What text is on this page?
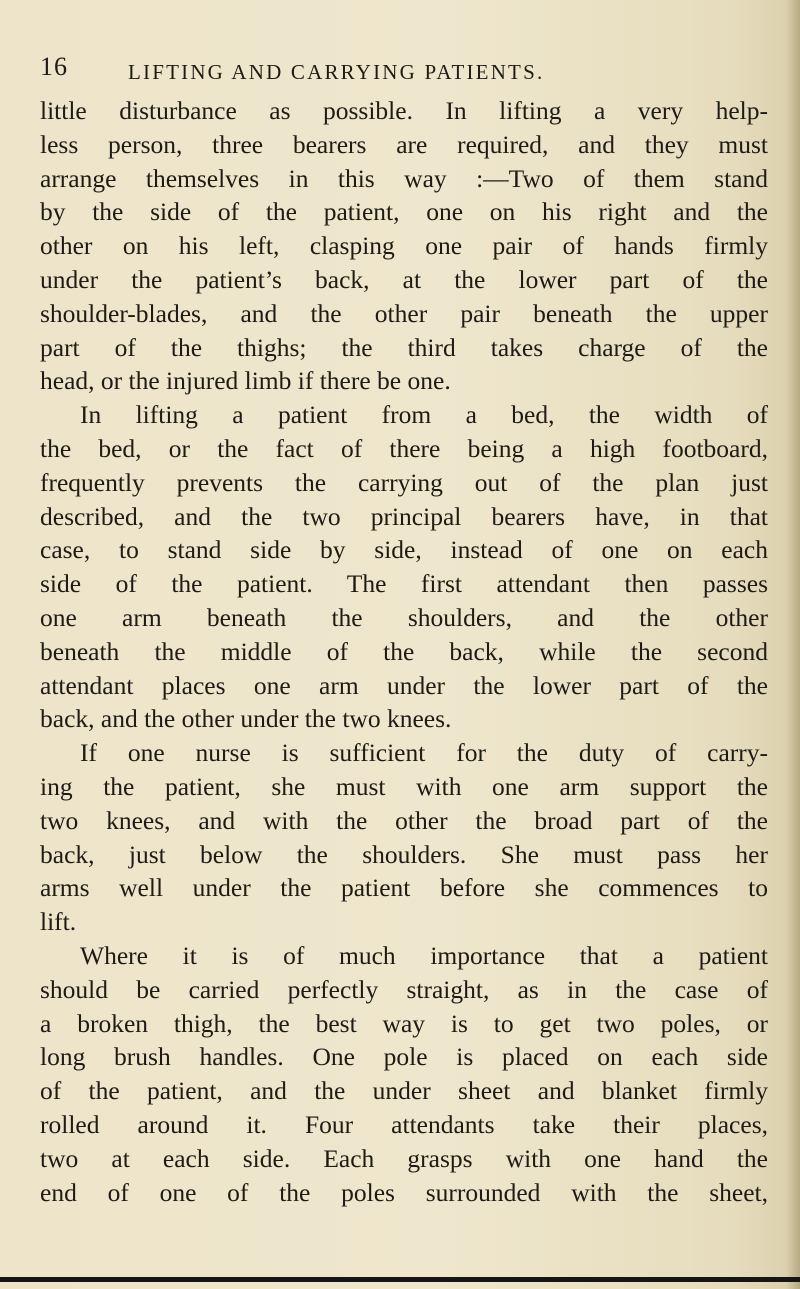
16	LIFTING AND CARRYING PATIENTS.
little disturbance as possible. In lifting a very help-
less person, three bearers are required, and they must
arrange themselves in this way :—Two of them stand
by the side of the patient, one on his right and the
other on his left, clasping one pair of hands firmly
under the patient’s back, at the lower part of the
shoulder-blades, and the other pair beneath the upper
part of the thighs; the third takes charge of the
head, or the injured limb if there be one.
In lifting a patient from a bed, the width of
the bed, or the fact of there being a high footboard,
frequently prevents the carrying out of the plan just
described, and the two principal bearers have, in that
case, to stand side by side, instead of one on each
side of the patient. The first attendant then passes
one arm beneath the shoulders, and the other
beneath the middle of the back, while the second
attendant places one arm under the lower part of the
back, and the other under the two knees.
If one nurse is sufficient for the duty of carry-
ing the patient, she must with one arm support the
two knees, and with the other the broad part of the
back, just below the shoulders. She must pass her
arms well under the patient before she commences to
lift.
Where it is of much importance that a patient
should be carried perfectly straight, as in the case of
a broken thigh, the best way is to get two poles, or
long brush handles. One pole is placed on each side
of the patient, and the under sheet and blanket firmly
rolled around it. Four attendants take their places,
two at each side. Each grasps with one hand the
end of one of the poles surrounded with the sheet,
